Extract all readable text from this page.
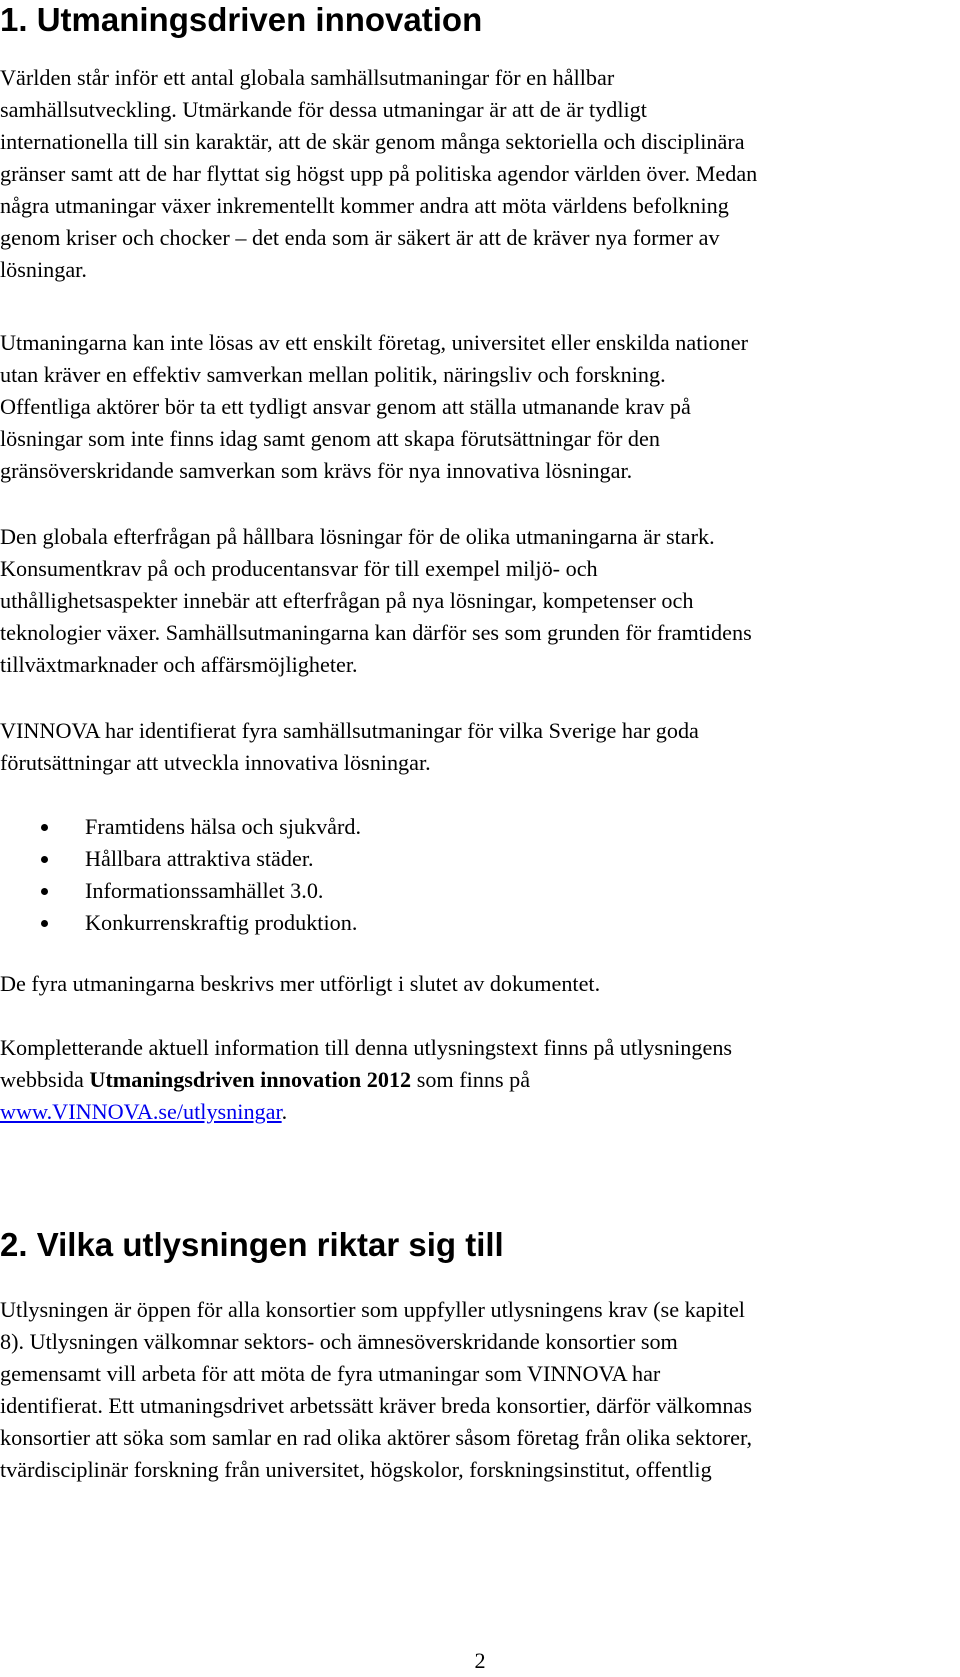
1. Utmaningsdriven innovation
Världen står inför ett antal globala samhällsutmaningar för en hållbar
samhällsutveckling. Utmärkande för dessa utmaningar är att de är tydligt
internationella till sin karaktär, att de skär genom många sektoriella och disciplinära
gränser samt att de har flyttat sig högst upp på politiska agendor världen över. Medan
några utmaningar växer inkrementellt kommer andra att möta världens befolkning
genom kriser och chocker – det enda som är säkert är att de kräver nya former av
lösningar.
Utmaningarna kan inte lösas av ett enskilt företag, universitet eller enskilda nationer
utan kräver en effektiv samverkan mellan politik, näringsliv och forskning.
Offentliga aktörer bör ta ett tydligt ansvar genom att ställa utmanande krav på
lösningar som inte finns idag samt genom att skapa förutsättningar för den
gränsöverskridande samverkan som krävs för nya innovativa lösningar.
Den globala efterfrågan på hållbara lösningar för de olika utmaningarna är stark.
Konsumentkrav på och producentansvar för till exempel miljö- och
uthållighetsaspekter innebär att efterfrågan på nya lösningar, kompetenser och
teknologier växer. Samhällsutmaningarna kan därför ses som grunden för framtidens
tillväxtmarknader och affärsmöjligheter.
VINNOVA har identifierat fyra samhällsutmaningar för vilka Sverige har goda
förutsättningar att utveckla innovativa lösningar.
Framtidens hälsa och sjukvård.
Hållbara attraktiva städer.
Informationssamhället 3.0.
Konkurrenskraftig produktion.
De fyra utmaningarna beskrivs mer utförligt i slutet av dokumentet.
Kompletterande aktuell information till denna utlysningstext finns på utlysningens
webbsida Utmaningsdriven innovation 2012 som finns på
www.VINNOVA.se/utlysningar.
2. Vilka utlysningen riktar sig till
Utlysningen är öppen för alla konsortier som uppfyller utlysningens krav (se kapitel
8). Utlysningen välkomnar sektors- och ämnesöverskridande konsortier som
gemensamt vill arbeta för att möta de fyra utmaningar som VINNOVA har
identifierat. Ett utmaningsdrivet arbetssätt kräver breda konsortier, därför välkomnas
konsortier att söka som samlar en rad olika aktörer såsom företag från olika sektorer,
tvärdisciplinär forskning från universitet, högskolor, forskningsinstitut, offentlig
2
